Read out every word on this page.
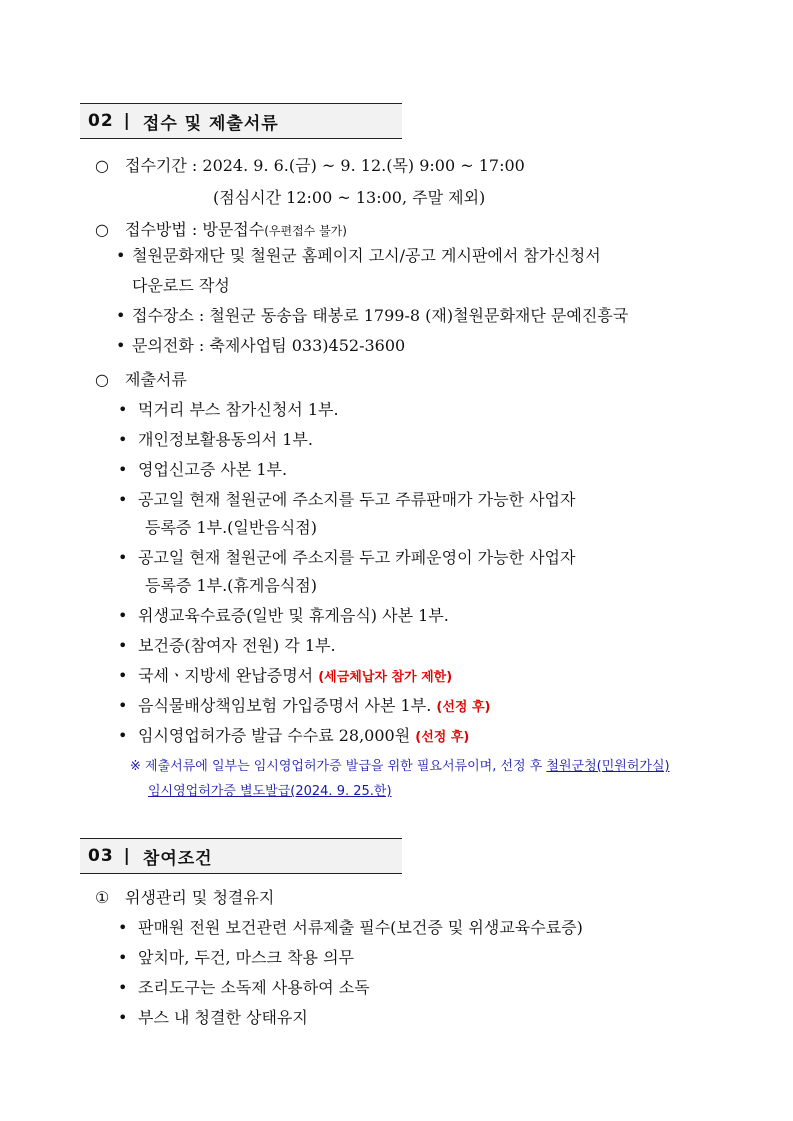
02 | 접수 및 제출서류
○ 접수기간 : 2024. 9. 6.(금) ~ 9. 12.(목) 9:00 ~ 17:00
(점심시간 12:00 ~ 13:00, 주말 제외)
○ 접수방법 : 방문접수(우편접수 불가)
• 철원문화재단 및 철원군 홈페이지 고시/공고 게시판에서 참가신청서
다운로드 작성
• 접수장소 : 철원군 동송읍 태봉로 1799-8 (재)철원문화재단 문예진흥국
• 문의전화 : 축제사업팀 033)452-3600
○ 제출서류
• 먹거리 부스 참가신청서 1부.
• 개인정보활용동의서 1부.
• 영업신고증 사본 1부.
• 공고일 현재 철원군에 주소지를 두고 주류판매가 가능한 사업자
등록증 1부.(일반음식점)
• 공고일 현재 철원군에 주소지를 두고 카페운영이 가능한 사업자
등록증 1부.(휴게음식점)
• 위생교육수료증(일반 및 휴게음식) 사본 1부.
• 보건증(참여자 전원) 각 1부.
• 국세ㆍ지방세 완납증명서 (세금체납자 참가 제한)
• 음식물배상책임보험 가입증명서 사본 1부. (선정 후)
• 임시영업허가증 발급 수수료 28,000원 (선정 후)
※ 제출서류에 일부는 임시영업허가증 발급을 위한 필요서류이며, 선정 후 철원군청(민원허가실)
임시영업허가증 별도발급(2024. 9. 25.한)
03 | 참여조건
① 위생관리 및 청결유지
• 판매원 전원 보건관련 서류제출 필수(보건증 및 위생교육수료증)
• 앞치마, 두건, 마스크 착용 의무
• 조리도구는 소독제 사용하여 소독
• 부스 내 청결한 상태유지
